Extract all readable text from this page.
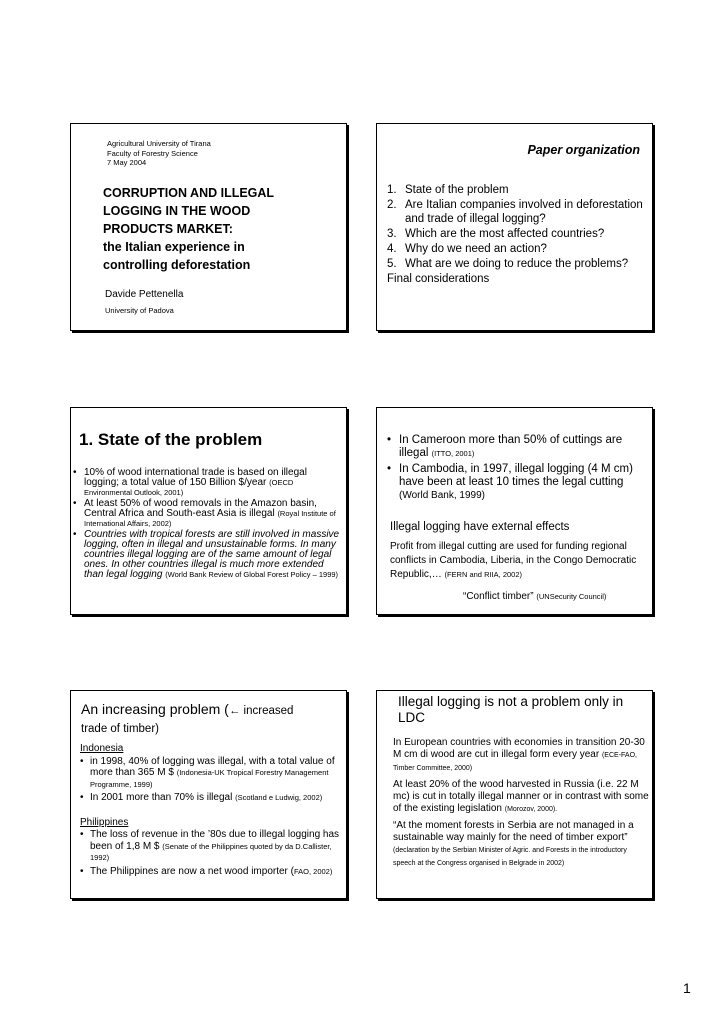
Agricultural University of Tirana
Faculty of Forestry Science
7 May 2004
CORRUPTION AND ILLEGAL
LOGGING IN THE WOOD
PRODUCTS MARKET:
the Italian experience in
controlling deforestation
Davide Pettenella
University of Padova
Paper organization
1. State of the problem
2. Are Italian companies involved in deforestation and trade of illegal logging?
3. Which are the most affected countries?
4. Why do we need an action?
5. What are we doing to reduce the problems?
Final considerations
1. State of the problem
• 10% of wood international trade is based on illegal logging; a total value of 150 Billion $/year (OECD Environmental Outlook, 2001)
• At least 50% of wood removals in the Amazon basin, Central Africa and South-east Asia is illegal (Royal Institute of International Affairs, 2002)
• Countries with tropical forests are still involved in massive logging, often in illegal and unsustainable forms. In many countries illegal logging are of the same amount of legal ones. In other countries illegal is much more extended than legal logging (World Bank Review of Global Forest Policy – 1999)
• In Cameroon more than 50% of cuttings are illegal (ITTO, 2001)
• In Cambodia, in 1997, illegal logging (4 M cm) have been at least 10 times the legal cutting (World Bank, 1999)
Illegal logging have external effects
Profit from illegal cutting are used for funding regional conflicts in Cambodia, Liberia, in the Congo Democratic Republic,… (FERN and RIIA, 2002)
“Conflict timber” (UNSecurity Council)
An increasing problem (← increased
trade of timber)
Indonesia
• in 1998, 40% of logging was illegal, with a total value of more than 365 M $ (Indonesia-UK Tropical Forestry Management Programme, 1999)
• In 2001 more than 70% is illegal (Scotland e Ludwig, 2002)
Philippines
• The loss of revenue in the ’80s due to illegal logging has been of 1,8 M $ (Senate of the Philippines quoted by da D.Callister, 1992)
• The Philippines are now a net wood importer (FAO, 2002)
Illegal logging is not a problem only in LDC

In European countries with economies in transition 20-30 M cm di wood are cut in illegal form every year (ECE-FAO, Timber Committee, 2000)

At least 20% of the wood harvested in Russia (i.e. 22 M mc) is cut in totally illegal manner or in contrast with some of the existing legislation (Morozov, 2000).

“At the moment forests in Serbia are not managed in a sustainable way mainly for the need of timber export” (declaration by the Serbian Minister of Agric. and Forests in the introductory speech at the Congress organised in Belgrade in 2002)

1
